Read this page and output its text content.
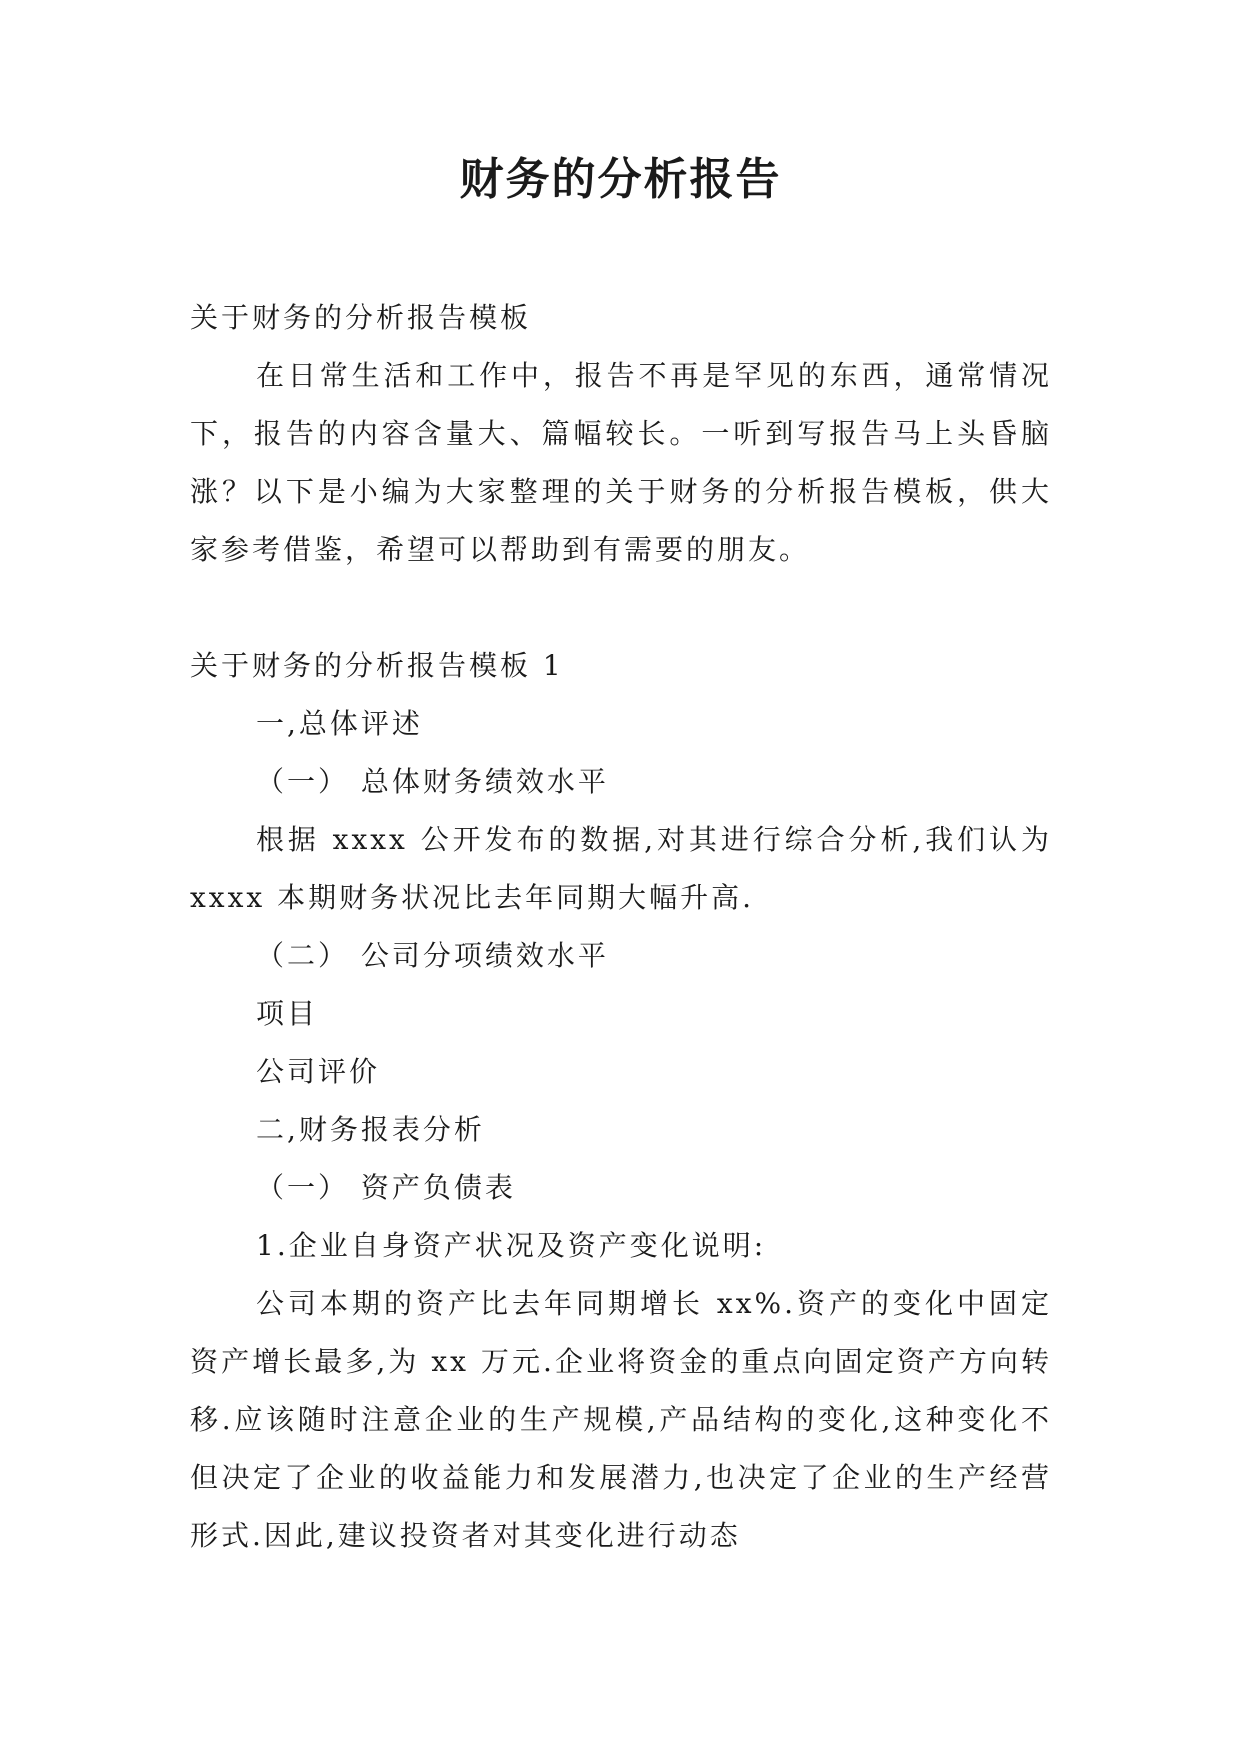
财务的分析报告

关于财务的分析报告模板

在日常生活和工作中，报告不再是罕见的东西，通常情况下，报告的内容含量大、篇幅较长。一听到写报告马上头昏脑涨？以下是小编为大家整理的关于财务的分析报告模板，供大家参考借鉴，希望可以帮助到有需要的朋友。

关于财务的分析报告模板 1

一,总体评述

（一） 总体财务绩效水平

根据 xxxx 公开发布的数据,对其进行综合分析,我们认为 xxxx 本期财务状况比去年同期大幅升高.

（二） 公司分项绩效水平

项目

公司评价

二,财务报表分析

（一） 资产负债表

1.企业自身资产状况及资产变化说明:

公司本期的资产比去年同期增长 xx%.资产的变化中固定资产增长最多,为 xx 万元.企业将资金的重点向固定资产方向转移.应该随时注意企业的生产规模,产品结构的变化,这种变化不但决定了企业的收益能力和发展潜力,也决定了企业的生产经营形式.因此,建议投资者对其变化进行动态
